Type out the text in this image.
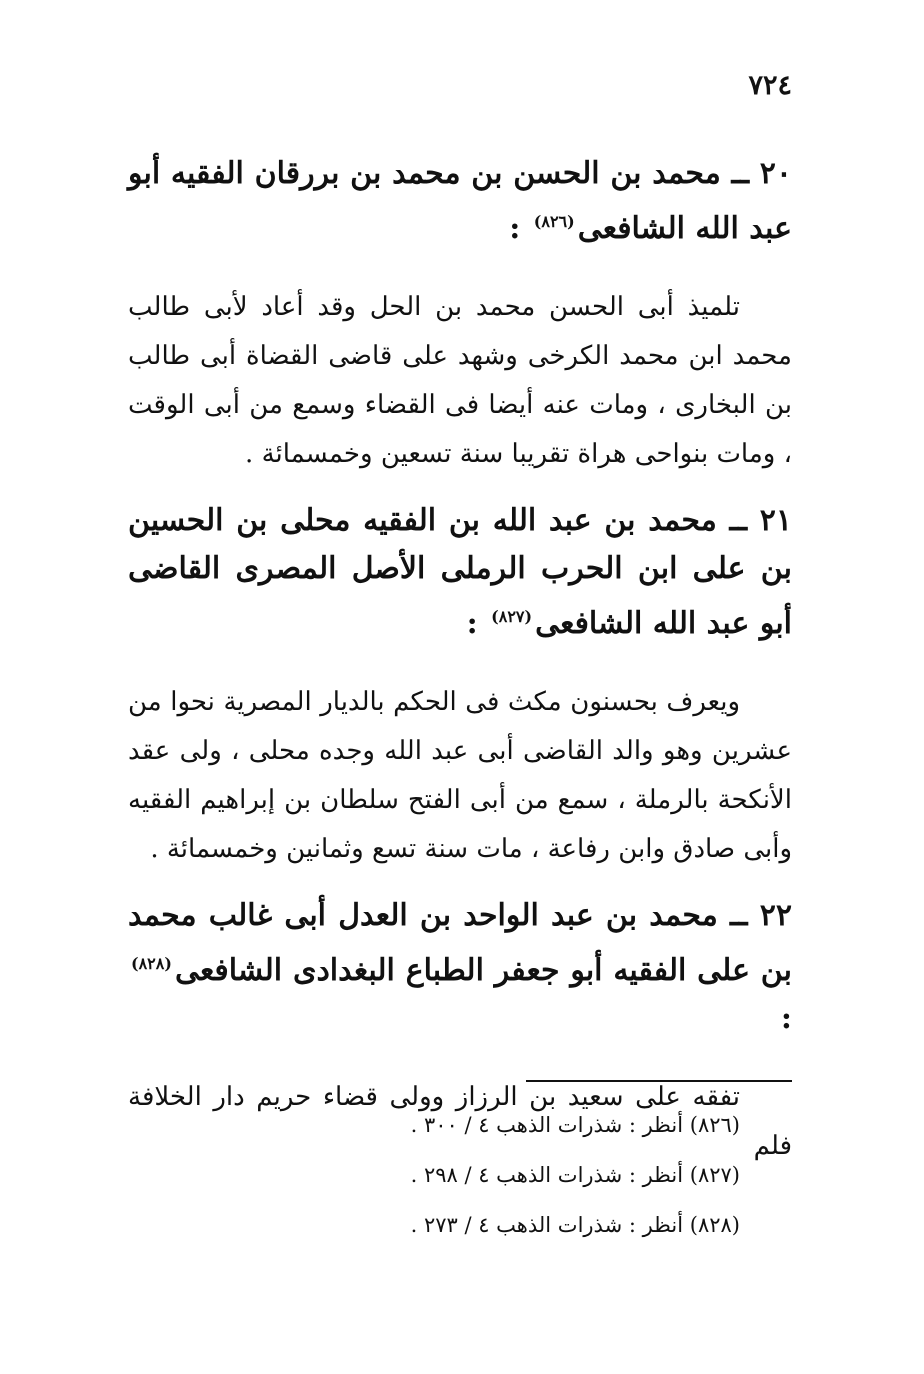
٧٢٤

٢٠ ــ محمد بن الحسن بن محمد بن بررقان الفقيه أبو عبد الله الشافعى$^{(٨٢٦)}$ :

تلميذ أبى الحسن محمد بن الحل وقد أعاد لأبى طالب محمد ابن محمد الكرخى وشهد على قاضى القضاة أبى طالب بن البخارى ، ومات عنه أيضا فى القضاء وسمع من أبى الوقت ، ومات بنواحى هراة تقريبا سنة تسعين وخمسمائة .

٢١ ــ محمد بن عبد الله بن الفقيه محلى بن الحسين بن على ابن الحرب الرملى الأصل المصرى القاضى أبو عبد الله الشافعى$^{(٨٢٧)}$ :

ويعرف بحسنون مكث فى الحكم بالديار المصرية نحوا من عشرين وهو والد القاضى أبى عبد الله وجده محلى ، ولى عقد الأنكحة بالرملة ، سمع من أبى الفتح سلطان بن إبراهيم الفقيه وأبى صادق وابن رفاعة ، مات سنة تسع وثمانين وخمسمائة .

٢٢ ــ محمد بن عبد الواحد بن العدل أبى غالب محمد بن على الفقيه أبو جعفر الطباع البغدادى الشافعى$^{(٨٢٨)}$ :

تفقه على سعيد بن الرزاز وولى قضاء حريم دار الخلافة فلم

(٨٢٦) أنظر : شذرات الذهب ٤ / ٣٠٠ .
(٨٢٧) أنظر : شذرات الذهب ٤ / ٢٩٨ .
(٨٢٨) أنظر : شذرات الذهب ٤ / ٢٧٣ .
